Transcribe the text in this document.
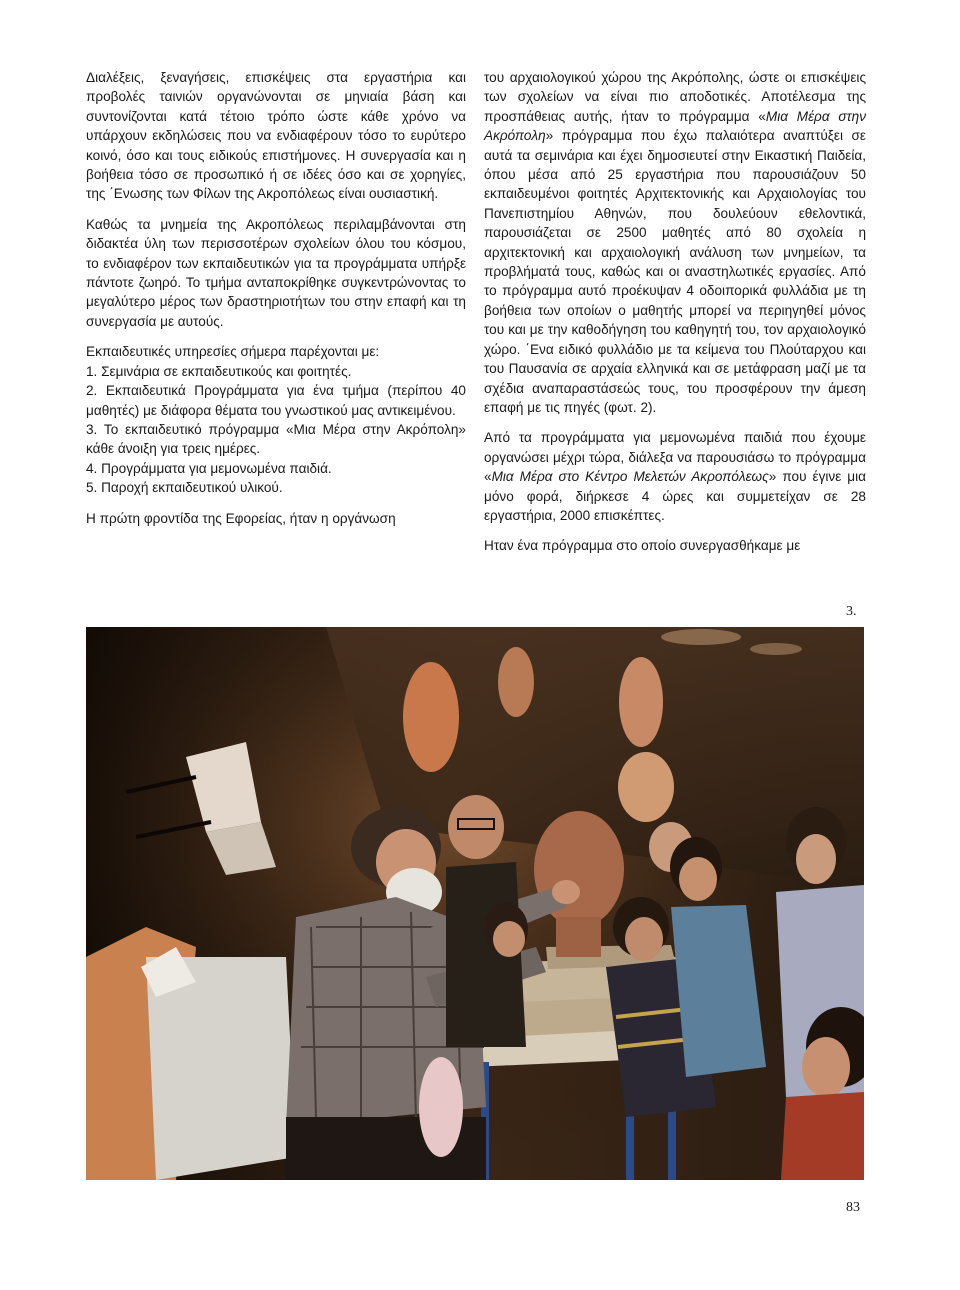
Διαλέξεις, ξεναγήσεις, επισκέψεις στα εργαστήρια και προβολές ταινιών οργανώνονται σε μηνιαία βάση και συντονίζονται κατά τέτοιο τρόπο ώστε κάθε χρόνο να υπάρχουν εκδηλώσεις που να ενδιαφέρουν τόσο το ευρύτερο κοινό, όσο και τους ειδικούς επιστήμονες. Η συνεργασία και η βοήθεια τόσο σε προσωπικό ή σε ιδέες όσο και σε χορηγίες, της ΄Ενωσης των Φίλων της Ακροπόλεως είναι ουσιαστική.

Καθώς τα μνημεία της Ακροπόλεως περιλαμβάνονται στη διδακτέα ύλη των περισσοτέρων σχολείων όλου του κόσμου, το ενδιαφέρον των εκπαιδευτικών για τα προγράμματα υπήρξε πάντοτε ζωηρό. Το τμήμα ανταποκρίθηκε συγκεντρώνοντας το μεγαλύτερο μέρος των δραστηριοτήτων του στην επαφή και τη συνεργασία με αυτούς.

Εκπαιδευτικές υπηρεσίες σήμερα παρέχονται με:
1. Σεμινάρια σε εκπαιδευτικούς και φοιτητές.
2. Εκπαιδευτικά Προγράμματα για ένα τμήμα (περίπου 40 μαθητές) με διάφορα θέματα του γνωστικού μας αντικειμένου.
3. Το εκπαιδευτικό πρόγραμμα «Μια Μέρα στην Ακρόπολη» κάθε άνοιξη για τρεις ημέρες.
4. Προγράμματα για μεμονωμένα παιδιά.
5. Παροχή εκπαιδευτικού υλικού.

Η πρώτη φροντίδα της Εφορείας, ήταν η οργάνωση

του αρχαιολογικού χώρου της Ακρόπολης, ώστε οι επισκέψεις των σχολείων να είναι πιο αποδοτικές. Αποτέλεσμα της προσπάθειας αυτής, ήταν το πρόγραμμα «Μια Μέρα στην Ακρόπολη» πρόγραμμα που έχω παλαιότερα αναπτύξει σε αυτά τα σεμινάρια και έχει δημοσιευτεί στην Εικαστική Παιδεία, όπου μέσα από 25 εργαστήρια που παρουσιάζουν 50 εκπαιδευμένοι φοιτητές Αρχιτεκτονικής και Αρχαιολογίας του Πανεπιστημίου Αθηνών, που δουλεύουν εθελοντικά, παρουσιάζεται σε 2500 μαθητές από 80 σχολεία η αρχιτεκτονική και αρχαιολογική ανάλυση των μνημείων, τα προβλήματά τους, καθώς και οι αναστηλωτικές εργασίες. Από το πρόγραμμα αυτό προέκυψαν 4 οδοιπορικά φυλλάδια με τη βοήθεια των οποίων ο μαθητής μπορεί να περιηγηθεί μόνος του και με την καθοδήγηση του καθηγητή του, τον αρχαιολογικό χώρο. ΄Ενα ειδικό φυλλάδιο με τα κείμενα του Πλούταρχου και του Παυσανία σε αρχαία ελληνικά και σε μετάφραση μαζί με τα σχέδια αναπαραστάσεώς τους, του προσφέρουν την άμεση επαφή με τις πηγές (φωτ. 2).

Από τα προγράμματα για μεμονωμένα παιδιά που έχουμε οργανώσει μέχρι τώρα, διάλεξα να παρουσιάσω το πρόγραμμα «Μια Μέρα στο Κέντρο Μελετών Ακροπόλεως» που έγινε μια μόνο φορά, διήρκεσε 4 ώρες και συμμετείχαν σε 28 εργαστήρια, 2000 επισκέπτες.

Ηταν ένα πρόγραμμα στο οποίο συνεργασθήκαμε με

3.
83
